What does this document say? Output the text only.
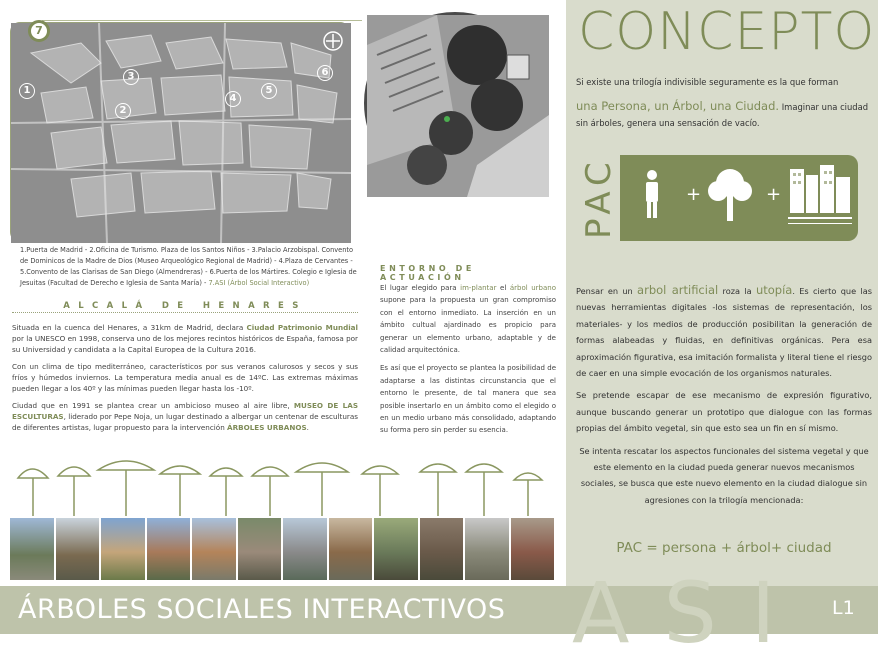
1
2
3
4
5
6
7
1.Puerta de Madrid - 2.Oficina de Turismo. Plaza de los Santos Niños - 3.Palacio Arzobispal. Convento de Dominicos de la Madre de Dios (Museo Arqueológico Regional de Madrid) - 4.Plaza de Cervantes - 5.Convento de las Clarisas de San Diego (Almendreras) - 6.Puerta de los Mártires. Colegio e Iglesia de Jesuitas (Facultad de Derecho e Iglesia de Santa María) - 7.ASI (Árbol Social Interactivo)
ALCALÁ DE HENARES

Situada en la cuenca del Henares, a 31km de Madrid, declara Ciudad Patrimonio Mundial por la UNESCO en 1998, conserva uno de los mejores recintos históricos de España, famosa por su Universidad y candidata a la Capital Europea de la Cultura 2016.

Con un clima de tipo mediterráneo, característicos por sus veranos calurosos y secos y sus fríos y húmedos inviernos. La temperatura media anual es de 14ºC. Las extremas máximas pueden llegar a los 40º y las mínimas pueden llegar hasta los -10º.

Ciudad que en 1991 se plantea crear un ambicioso museo al aire libre, MUSEO DE LAS ESCULTURAS, liderado por Pepe Noja, un lugar destinado a albergar un centenar de esculturas de diferentes artistas, lugar propuesto para la intervención ÁRBOLES URBANOS.

ENTORNO DE ACTUACIÓN

El lugar elegido para im-plantar el árbol urbano supone para la propuesta un gran compromiso con el entorno inmediato. La inserción en un ámbito cultual ajardinado es propicio para generar un elemento urbano, adaptable y de calidad arquitectónica.

Es así que el proyecto se plantea la posibilidad de adaptarse a las distintas circunstancia que el entorno le presente, de tal manera que sea posible insertarlo en un ámbito como el elegido o en un medio urbano más consolidado, adaptando su forma pero sin perder su esencia.

CONCEPTO
Si existe una trilogía indivisible seguramente es la que forman
una Persona, un Árbol, una Ciudad. Imaginar una ciudad sin árboles, genera una sensación de vacío.
PAC	+	+

Pensar en un arbol artificial roza la utopía. Es cierto que las nuevas herramientas digitales -los sistemas de representación, los materiales- y los medios de producción posibilitan la generación de formas alabeadas y fluidas, en definitivas orgánicas. Pera esa aproximación figurativa, esa imitación formalista y literal tiene el riesgo de caer en una simple evocación de los organismos naturales.

Se pretende escapar de ese mecanismo de expresión figurativo, aunque buscando generar un prototipo que dialogue con las formas propias del ámbito vegetal, sin que esto sea un fin en sí mismo.

Se intenta rescatar los aspectos funcionales del sistema vegetal y que este elemento en la ciudad pueda generar nuevos mecanismos sociales, se busca que este nuevo elemento en la ciudad dialogue sin agresiones con la trilogía mencionada:

PAC = persona + árbol+ ciudad
ÁRBOLES SOCIALES INTERACTIVOS ASI L1
